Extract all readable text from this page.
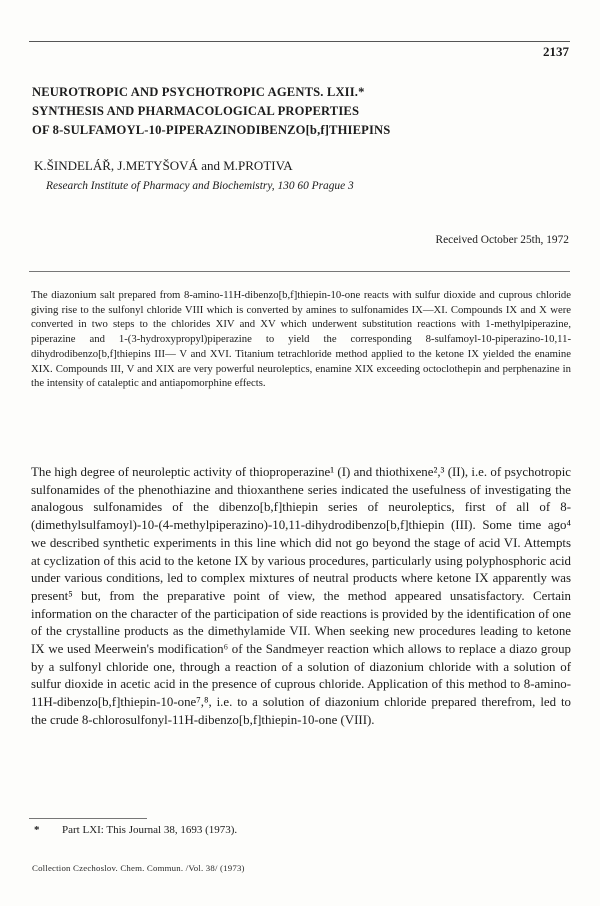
2137
NEUROTROPIC AND PSYCHOTROPIC AGENTS. LXII.*
SYNTHESIS AND PHARMACOLOGICAL PROPERTIES
OF 8-SULFAMOYL-10-PIPERAZINODIBENZO[b,f]THIEPINS
K.ŠINDELÁŘ, J.METYŠOVÁ and M.PROTIVA
Research Institute of Pharmacy and Biochemistry, 130 60 Prague 3
Received October 25th, 1972

The diazonium salt prepared from 8-amino-11H-dibenzo[b,f]thiepin-10-one reacts with sulfur dioxide and cuprous chloride giving rise to the sulfonyl chloride VIII which is converted by amines to sulfonamides IX—XI. Compounds IX and X were converted in two steps to the chlorides XIV and XV which underwent substitution reactions with 1-methylpiperazine, piperazine and 1-(3-hydroxypropyl)piperazine to yield the corresponding 8-sulfamoyl-10-piperazino-10,11-dihydrodibenzo[b,f]thiepins III— V and XVI. Titanium tetrachloride method applied to the ketone IX yielded the enamine XIX. Compounds III, V and XIX are very powerful neuroleptics, enamine XIX exceeding octoclothepin and perphenazine in the intensity of cataleptic and antiapomorphine effects.

The high degree of neuroleptic activity of thioproperazine¹ (I) and thiothixene²,³ (II), i.e. of psychotropic sulfonamides of the phenothiazine and thioxanthene series indicated the usefulness of investigating the analogous sulfonamides of the dibenzo[b,f]thiepin series of neuroleptics, first of all of 8-(dimethylsulfamoyl)-10-(4-methylpiperazino)-10,11-dihydrodibenzo[b,f]thiepin (III). Some time ago⁴ we described synthetic experiments in this line which did not go beyond the stage of acid VI. Attempts at cyclization of this acid to the ketone IX by various procedures, particularly using polyphosphoric acid under various conditions, led to complex mixtures of neutral products where ketone IX apparently was present⁵ but, from the preparative point of view, the method appeared unsatisfactory. Certain information on the character of the participation of side reactions is provided by the identification of one of the crystalline products as the dimethylamide VII. When seeking new procedures leading to ketone IX we used Meerwein's modification⁶ of the Sandmeyer reaction which allows to replace a diazo group by a sulfonyl chloride one, through a reaction of a solution of diazonium chloride with a solution of sulfur dioxide in acetic acid in the presence of cuprous chloride. Application of this method to 8-amino-11H-dibenzo[b,f]thiepin-10-one⁷,⁸, i.e. to a solution of diazonium chloride prepared therefrom, led to the crude 8-chlorosulfonyl-11H-dibenzo[b,f]thiepin-10-one (VIII).

* Part LXI: This Journal 38, 1693 (1973).
Collection Czechoslov. Chem. Commun. /Vol. 38/ (1973)
